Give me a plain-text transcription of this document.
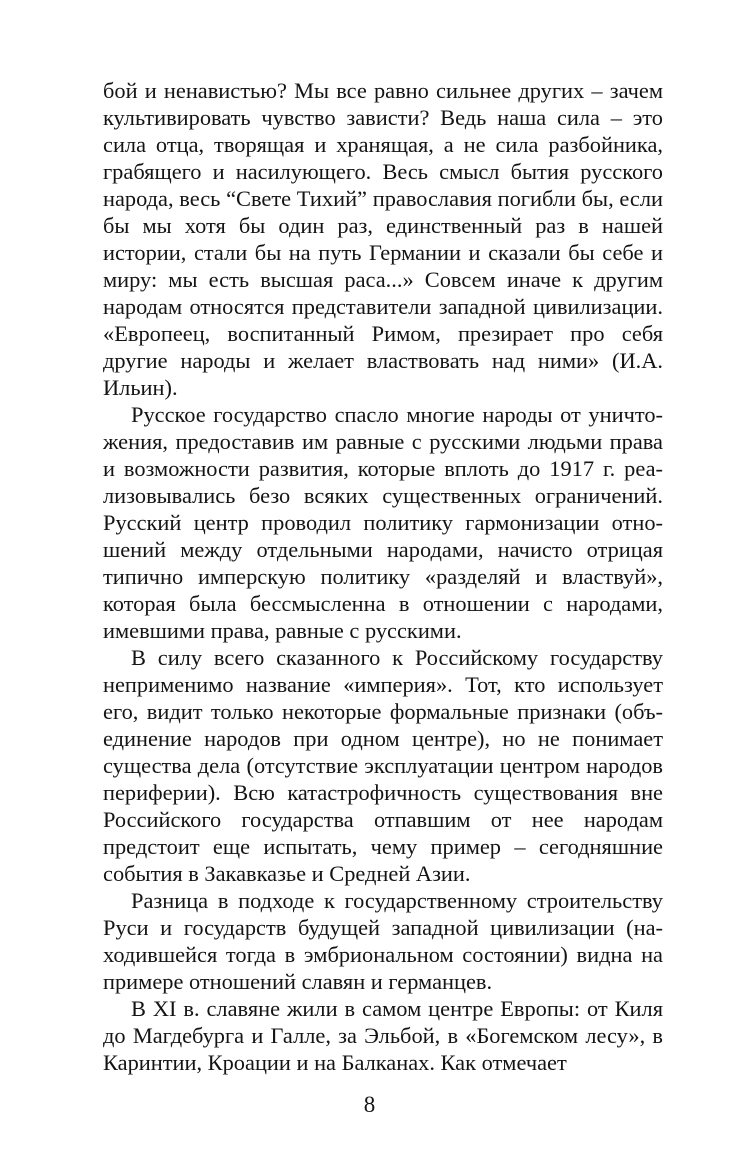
бой и ненавистью? Мы все равно сильнее других – зачем культивировать чувство зависти? Ведь наша сила – это сила отца, творящая и хранящая, а не сила разбойника, грабящего и насилующего. Весь смысл бытия русского народа, весь “Свете Тихий” православия погибли бы, если бы мы хотя бы один раз, единственный раз в нашей истории, стали бы на путь Германии и сказали бы себе и миру: мы есть высшая раса...» Совсем иначе к другим народам относятся представители западной цивилизации. «Европеец, воспитанный Римом, презирает про себя другие народы и желает властвовать над ними» (И.А. Ильин).

Русское государство спасло многие народы от уничтожения, предоставив им равные с русскими людьми права и возможности развития, которые вплоть до 1917 г. реализовывались безо всяких существенных ограничений. Русский центр проводил политику гармонизации отношений между отдельными народами, начисто отрицая типично имперскую политику «разделяй и властвуй», которая была бессмысленна в отношении с народами, имевшими права, равные с русскими.

В силу всего сказанного к Российскому государству неприменимо название «империя». Тот, кто использует его, видит только некоторые формальные признаки (объединение народов при одном центре), но не понимает существа дела (отсутствие эксплуатации центром народов периферии). Всю катастрофичность существования вне Российского государства отпавшим от нее народам предстоит еще испытать, чему пример – сегодняшние события в Закавказье и Средней Азии.

Разница в подходе к государственному строительству Руси и государств будущей западной цивилизации (находившейся тогда в эмбриональном состоянии) видна на примере отношений славян и германцев.

В XI в. славяне жили в самом центре Европы: от Киля до Магдебурга и Галле, за Эльбой, в «Богемском лесу», в Каринтии, Кроации и на Балканах. Как отмечает

8
